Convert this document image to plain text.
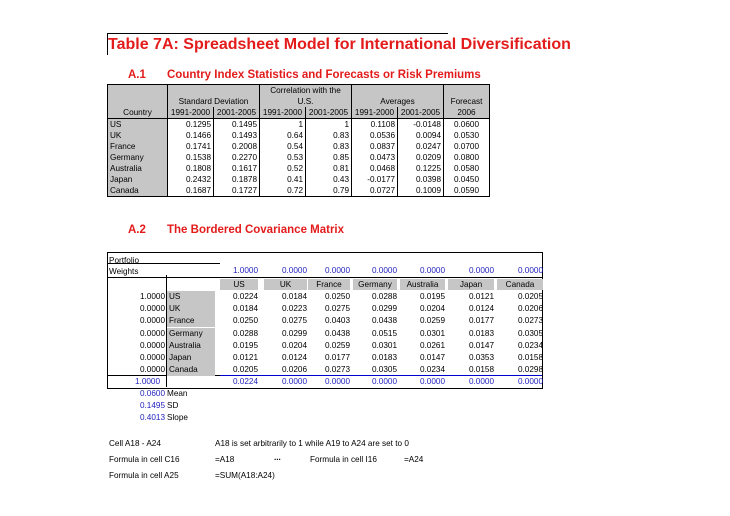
Table 7A: Spreadsheet Model for International Diversification
A.1 Country Index Statistics and Forecasts or Risk Premiums
			Correlation with the				
	Standard Deviation		U.S.		Averages		Forecast
Country	1991-2000	2001-2005	1991-2000	2001-2005	1991-2000	2001-2005	2006
US	0.1295	0.1495	1	1	0.1108	-0.0148	0.0600
UK	0.1466	0.1493	0.64	0.83	0.0536	0.0094	0.0530
France	0.1741	0.2008	0.54	0.83	0.0837	0.0247	0.0700
Germany	0.1538	0.2270	0.53	0.85	0.0473	0.0209	0.0800
Australia	0.1808	0.1617	0.52	0.81	0.0468	0.1225	0.0580
Japan	0.2432	0.1878	0.41	0.43	-0.0177	0.0398	0.0450
Canada	0.1687	0.1727	0.72	0.79	0.0727	0.1009	0.0590
A.2 The Bordered Covariance Matrix
Portfolio
Weights	1.0000	0.0000	0.0000	0.0000	0.0000	0.0000	0.0000
US	UK	France	Germany	Australia	Japan	Canada
1.0000 US	0.0224	0.0184	0.0250	0.0288	0.0195	0.0121	0.0205
0.0000 UK	0.0184	0.0223	0.0275	0.0299	0.0204	0.0124	0.0206
0.0000 France	0.0250	0.0275	0.0403	0.0438	0.0259	0.0177	0.0273
0.0000 Germany	0.0288	0.0299	0.0438	0.0515	0.0301	0.0183	0.0305
0.0000 Australia	0.0195	0.0204	0.0259	0.0301	0.0261	0.0147	0.0234
0.0000 Japan	0.0121	0.0124	0.0177	0.0183	0.0147	0.0353	0.0158
0.0000 Canada	0.0205	0.0206	0.0273	0.0305	0.0234	0.0158	0.0298
1.0000	0.0224	0.0000	0.0000	0.0000	0.0000	0.0000	0.0000
0.0600 Mean
0.1495 SD
0.4013 Slope
Cell A18 - A24	A18 is set arbitrarily to 1 while A19 to A24 are set to 0
Formula in cell C16	=A18	...	Formula in cell I16	=A24
Formula in cell A25	=SUM(A18:A24)
